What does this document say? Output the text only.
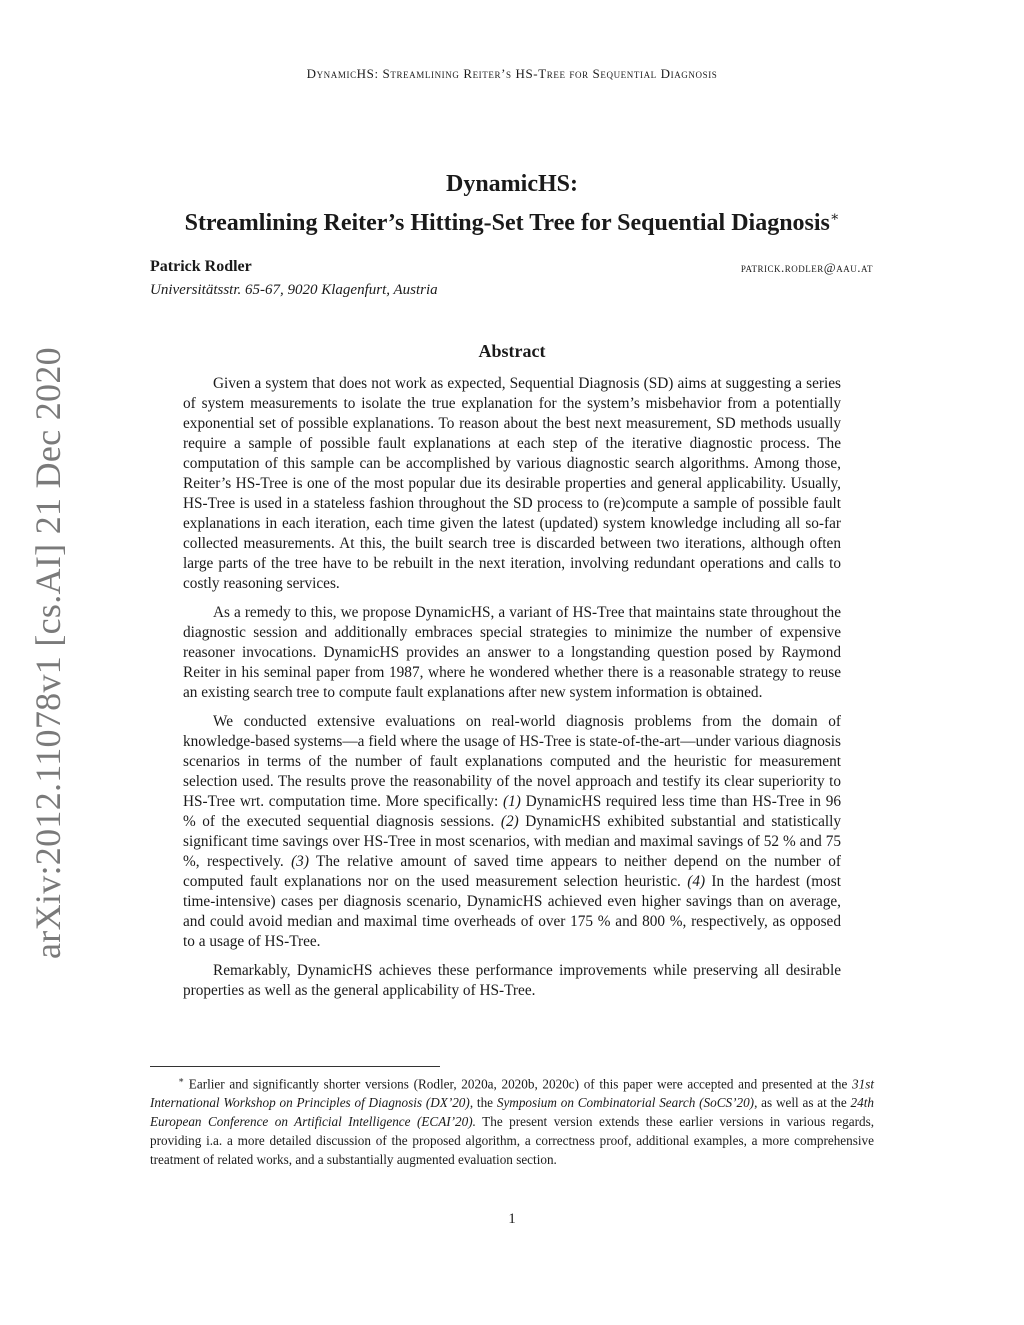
DynamicHS: Streamlining Reiter’s HS-Tree for Sequential Diagnosis
arXiv:2012.11078v1 [cs.AI] 21 Dec 2020
DynamicHS:
Streamlining Reiter’s Hitting-Set Tree for Sequential Diagnosis∗
Patrick Rodler	patrick.rodler@aau.at
Universitätsstr. 65-67, 9020 Klagenfurt, Austria
Abstract

Given a system that does not work as expected, Sequential Diagnosis (SD) aims at suggesting a series of system measurements to isolate the true explanation for the system’s misbehavior from a potentially exponential set of possible explanations. To reason about the best next measurement, SD methods usually require a sample of possible fault explanations at each step of the iterative diagnostic process. The computation of this sample can be accomplished by various diagnostic search algorithms. Among those, Reiter’s HS-Tree is one of the most popular due its desirable properties and general applicability. Usually, HS-Tree is used in a stateless fashion throughout the SD process to (re)compute a sample of possible fault explanations in each iteration, each time given the latest (updated) system knowledge including all so-far collected measurements. At this, the built search tree is discarded between two iterations, although often large parts of the tree have to be rebuilt in the next iteration, involving redundant operations and calls to costly reasoning services.

As a remedy to this, we propose DynamicHS, a variant of HS-Tree that maintains state throughout the diagnostic session and additionally embraces special strategies to minimize the number of expensive reasoner invocations. DynamicHS provides an answer to a longstanding question posed by Raymond Reiter in his seminal paper from 1987, where he wondered whether there is a reasonable strategy to reuse an existing search tree to compute fault explanations after new system information is obtained.

We conducted extensive evaluations on real-world diagnosis problems from the domain of knowledge-based systems—a field where the usage of HS-Tree is state-of-the-art—under various diagnosis scenarios in terms of the number of fault explanations computed and the heuristic for measurement selection used. The results prove the reasonability of the novel approach and testify its clear superiority to HS-Tree wrt. computation time. More specifically: (1) DynamicHS required less time than HS-Tree in 96 % of the executed sequential diagnosis sessions. (2) DynamicHS exhibited substantial and statistically significant time savings over HS-Tree in most scenarios, with median and maximal savings of 52 % and 75 %, respectively. (3) The relative amount of saved time appears to neither depend on the number of computed fault explanations nor on the used measurement selection heuristic. (4) In the hardest (most time-intensive) cases per diagnosis scenario, DynamicHS achieved even higher savings than on average, and could avoid median and maximal time overheads of over 175 % and 800 %, respectively, as opposed to a usage of HS-Tree.

Remarkably, DynamicHS achieves these performance improvements while preserving all desirable properties as well as the general applicability of HS-Tree.

∗ Earlier and significantly shorter versions (Rodler, 2020a, 2020b, 2020c) of this paper were accepted and presented at the 31st International Workshop on Principles of Diagnosis (DX’20), the Symposium on Combinatorial Search (SoCS’20), as well as at the 24th European Conference on Artificial Intelligence (ECAI’20). The present version extends these earlier versions in various regards, providing i.a. a more detailed discussion of the proposed algorithm, a correctness proof, additional examples, a more comprehensive treatment of related works, and a substantially augmented evaluation section.

1
